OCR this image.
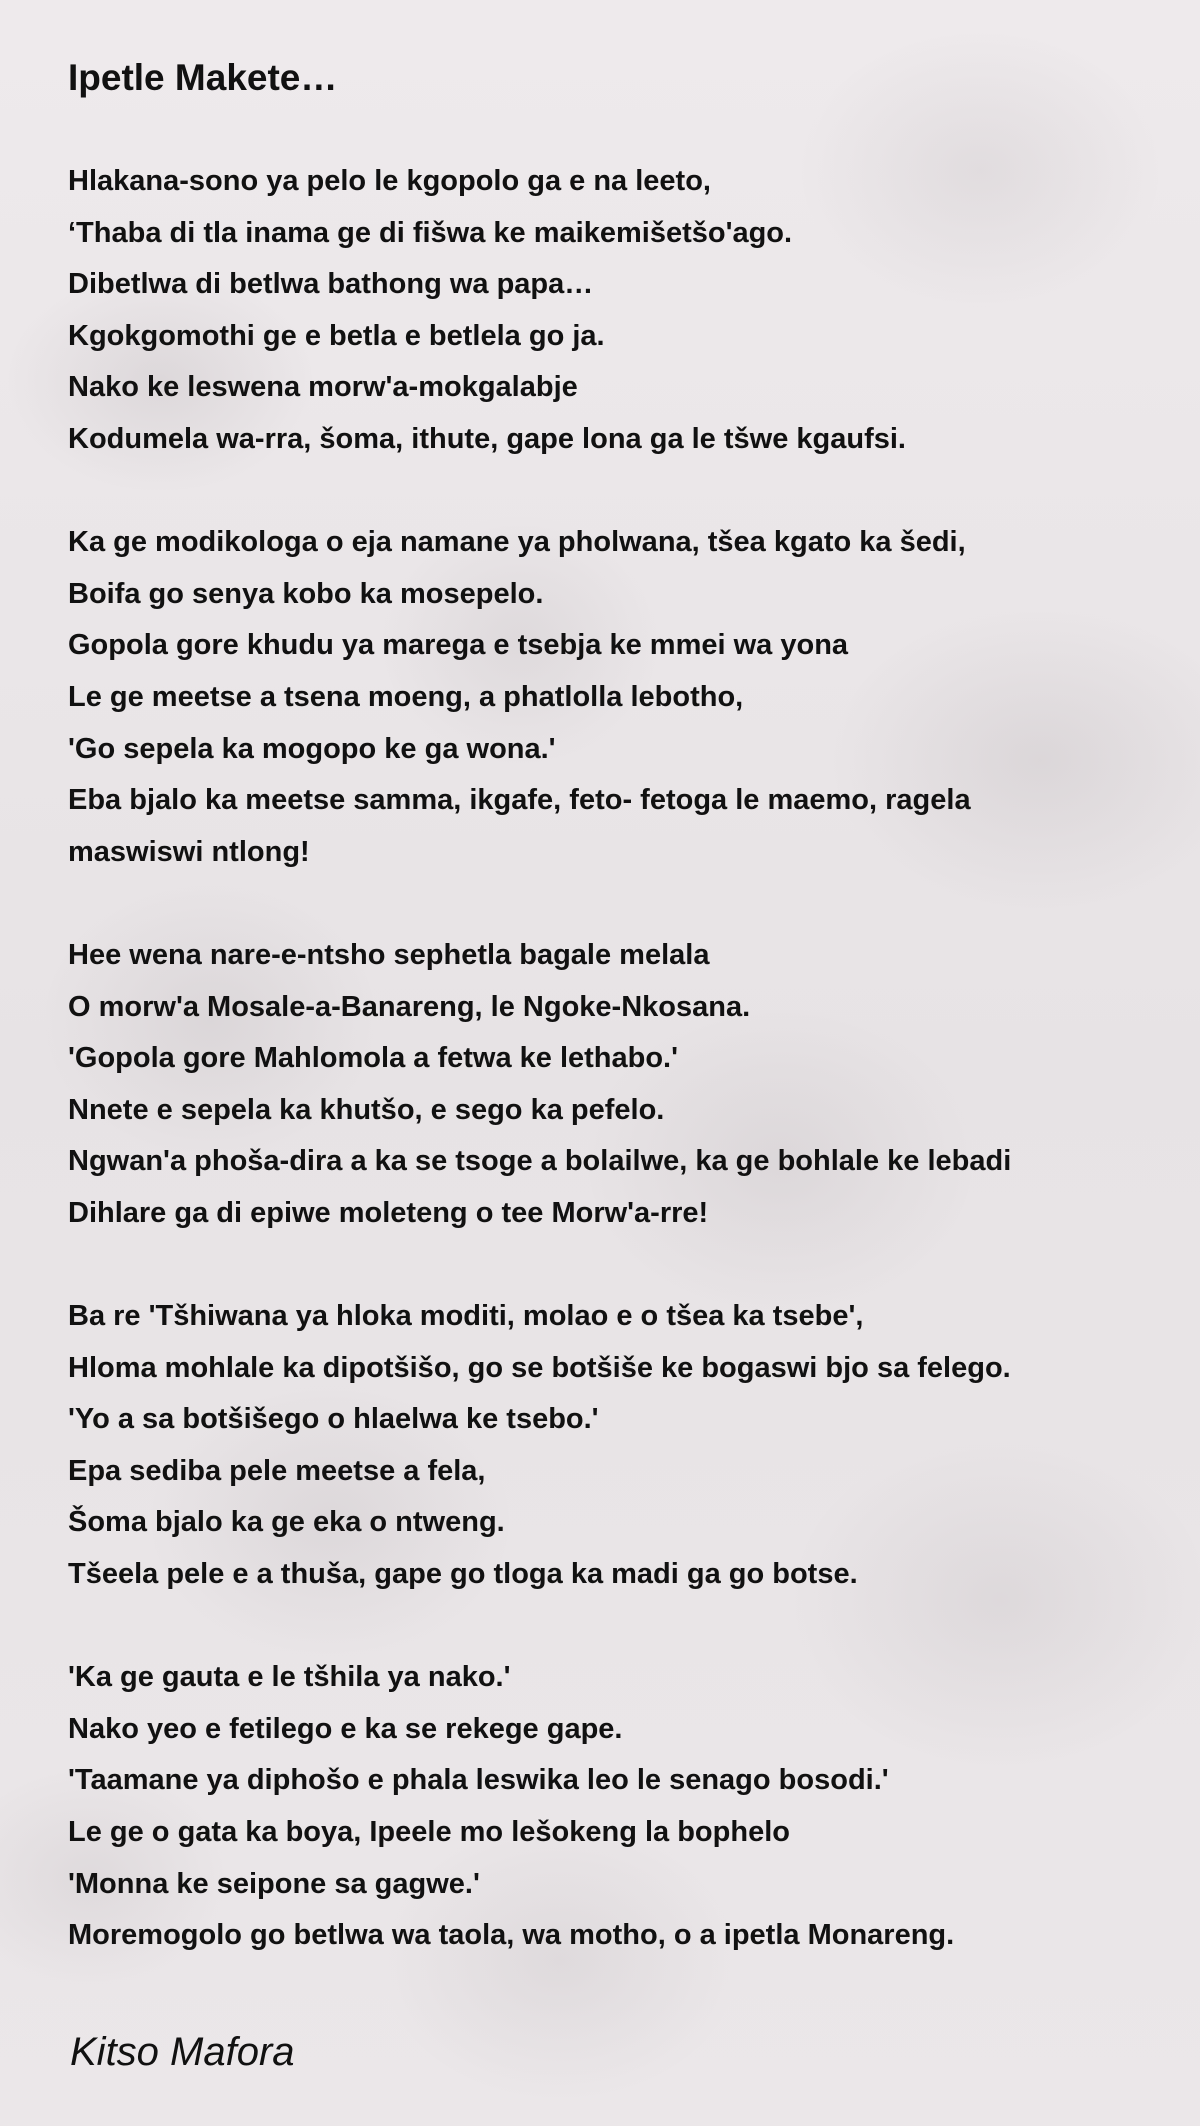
Ipetle Makete…
Hlakana-sono ya pelo le kgopolo ga e na leeto,
‘Thaba di tla inama ge di fišwa ke maikemišetšo'ago.
Dibetlwa di betlwa bathong wa papa…
Kgokgomothi ge e betla e betlela go ja.
Nako ke leswena morw'a-mokgalabje
Kodumela wa-rra, šoma, ithute, gape lona ga le tšwe kgaufsi.
Ka ge modikologa o eja namane ya pholwana, tšea kgato ka šedi,
Boifa go senya kobo ka mosepelo.
Gopola gore khudu ya marega e tsebja ke mmei wa yona
Le ge meetse a tsena moeng, a phatlolla lebotho,
'Go sepela ka mogopo ke ga wona.'
Eba bjalo ka meetse samma, ikgafe, feto- fetoga le maemo, ragela
maswiswi ntlong!
Hee wena nare-e-ntsho sephetla bagale melala
O morw'a Mosale-a-Banareng, le Ngoke-Nkosana.
'Gopola gore Mahlomola a fetwa ke lethabo.'
Nnete e sepela ka khutšo, e sego ka pefelo.
Ngwan'a phoša-dira a ka se tsoge a bolailwe, ka ge bohlale ke lebadi
Dihlare ga di epiwe moleteng o tee Morw'a-rre!
Ba re 'Tšhiwana ya hloka moditi, molao e o tšea ka tsebe',
Hloma mohlale ka dipotšišo, go se botšiše ke bogaswi bjo sa felego.
'Yo a sa botšišego o hlaelwa ke tsebo.'
Epa sediba pele meetse a fela,
Šoma bjalo ka ge eka o ntweng.
Tšeela pele e a thuša, gape go tloga ka madi ga go botse.
'Ka ge gauta e le tšhila ya nako.'
Nako yeo e fetilego e ka se rekege gape.
'Taamane ya diphošo e phala leswika leo le senago bosodi.'
Le ge o gata ka boya, Ipeele mo lešokeng la bophelo
'Monna ke seipone sa gagwe.'
Moremogolo go betlwa wa taola, wa motho, o a ipetla Monareng.
Kitso Mafora
